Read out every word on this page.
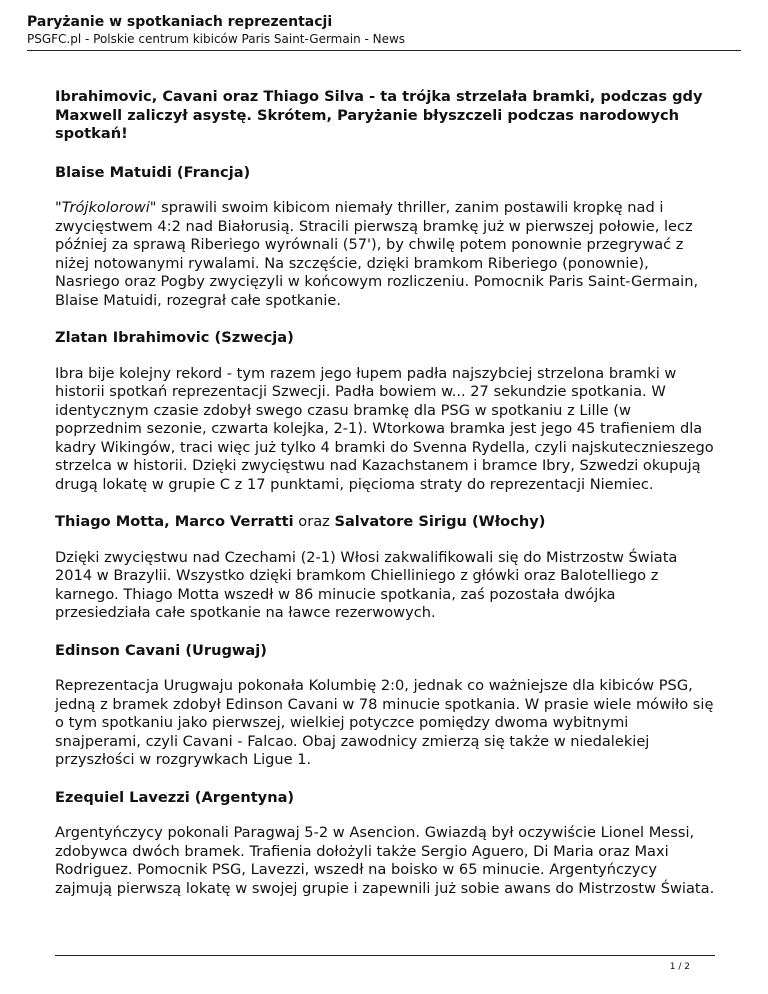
Paryżanie w spotkaniach reprezentacji

PSGFC.pl - Polskie centrum kibiców Paris Saint-Germain - News

Ibrahimovic, Cavani oraz Thiago Silva - ta trójka strzelała bramki, podczas gdy Maxwell zaliczył asystę. Skrótem, Paryżanie błyszczeli podczas narodowych spotkań!

Blaise Matuidi (Francja)

"Trójkolorowi" sprawili swoim kibicom niemały thriller, zanim postawili kropkę nad i zwycięstwem 4:2 nad Białorusią. Stracili pierwszą bramkę już w pierwszej połowie, lecz później za sprawą Riberiego wyrównali (57'), by chwilę potem ponownie przegrywać z niżej notowanymi rywalami. Na szczęście, dzięki bramkom Riberiego (ponownie), Nasriego oraz Pogby zwycięzyli w końcowym rozliczeniu. Pomocnik Paris Saint-Germain, Blaise Matuidi, rozegrał całe spotkanie.

Zlatan Ibrahimovic (Szwecja)

Ibra bije kolejny rekord - tym razem jego łupem padła najszybciej strzelona bramki w historii spotkań reprezentacji Szwecji. Padła bowiem w... 27 sekundzie spotkania. W identycznym czasie zdobył swego czasu bramkę dla PSG w spotkaniu z Lille (w poprzednim sezonie, czwarta kolejka, 2-1). Wtorkowa bramka jest jego 45 trafieniem dla kadry Wikingów, traci więc już tylko 4 bramki do Svenna Rydella, czyli najskutecznieszego strzelca w historii. Dzięki zwycięstwu nad Kazachstanem i bramce Ibry, Szwedzi okupują drugą lokatę w grupie C z 17 punktami, pięcioma straty do reprezentacji Niemiec.

Thiago Motta, Marco Verratti oraz Salvatore Sirigu (Włochy)

Dzięki zwycięstwu nad Czechami (2-1) Włosi zakwalifikowali się do Mistrzostw Świata 2014 w Brazylii. Wszystko dzięki bramkom Chielliniego z główki oraz Balotelliego z karnego. Thiago Motta wszedł w 86 minucie spotkania, zaś pozostała dwójka przesiedziała całe spotkanie na ławce rezerwowych.

Edinson Cavani (Urugwaj)

Reprezentacja Urugwaju pokonała Kolumbię 2:0, jednak co ważniejsze dla kibiców PSG, jedną z bramek zdobył Edinson Cavani w 78 minucie spotkania. W prasie wiele mówiło się o tym spotkaniu jako pierwszej, wielkiej potyczce pomiędzy dwoma wybitnymi snajperami, czyli Cavani - Falcao. Obaj zawodnicy zmierzą się także w niedalekiej przyszłości w rozgrywkach Ligue 1.

Ezequiel Lavezzi (Argentyna)

Argentyńczycy pokonali Paragwaj 5-2 w Asencion. Gwiazdą był oczywiście Lionel Messi, zdobywca dwóch bramek. Trafienia dołożyli także Sergio Aguero, Di Maria oraz Maxi Rodriguez. Pomocnik PSG, Lavezzi, wszedł na boisko w 65 minucie. Argentyńczycy zajmują pierwszą lokatę w swojej grupie i zapewnili już sobie awans do Mistrzostw Świata.

1 / 2
